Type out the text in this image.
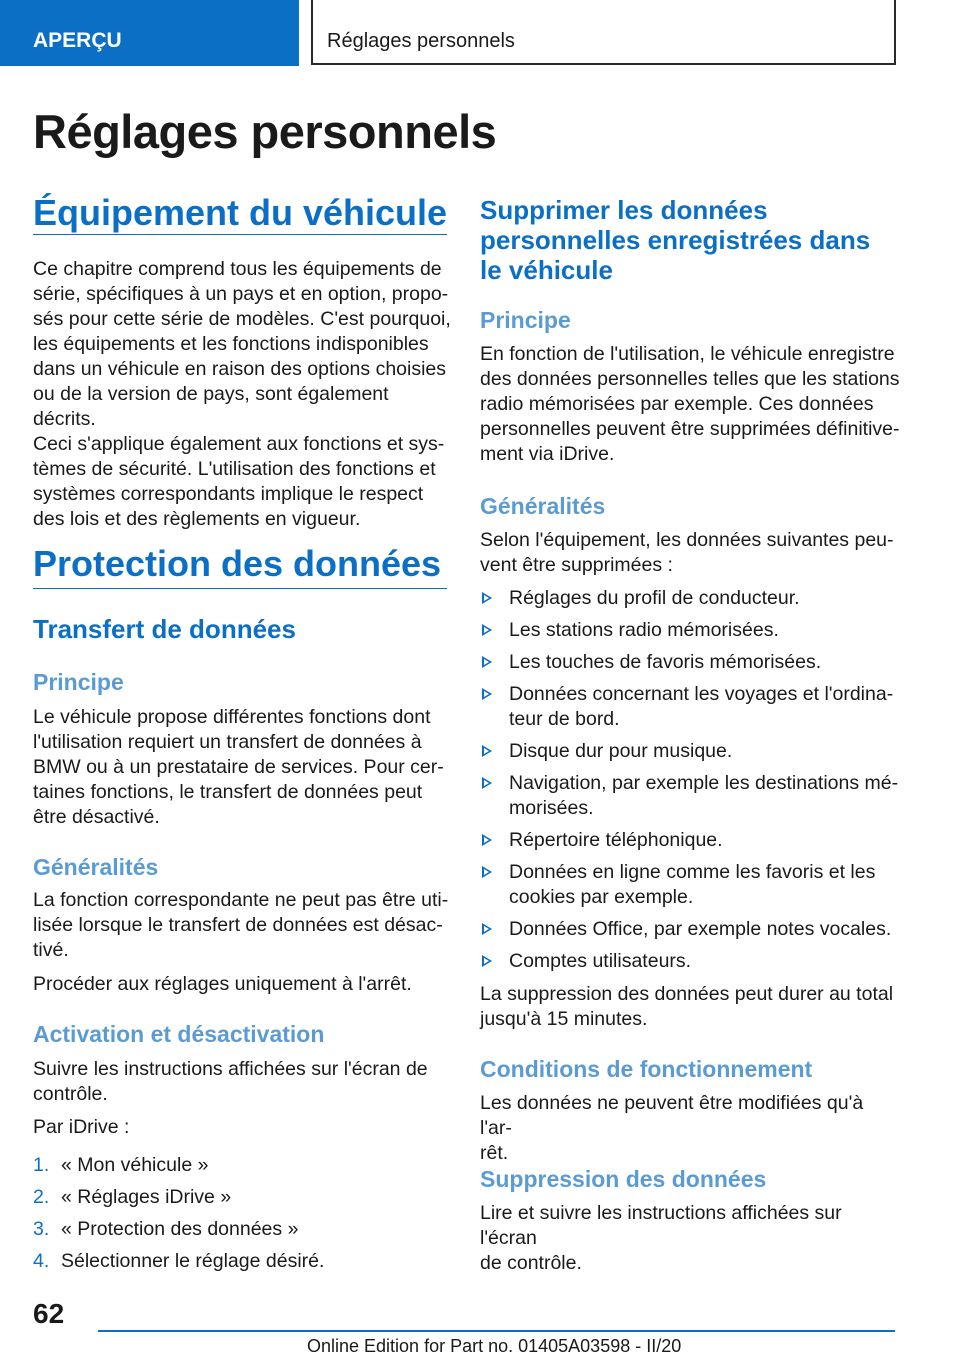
APERÇU	Réglages personnels
Réglages personnels
Équipement du véhicule
Ce chapitre comprend tous les équipements de
série, spécifiques à un pays et en option, propo‐
sés pour cette série de modèles. C'est pourquoi,
les équipements et les fonctions indisponibles
dans un véhicule en raison des options choisies
ou de la version de pays, sont également décrits.
Ceci s'applique également aux fonctions et sys‐
tèmes de sécurité. L'utilisation des fonctions et
systèmes correspondants implique le respect
des lois et des règlements en vigueur.
Protection des données
Transfert de données
Principe
Le véhicule propose différentes fonctions dont
l'utilisation requiert un transfert de données à
BMW ou à un prestataire de services. Pour cer‐
taines fonctions, le transfert de données peut
être désactivé.
Généralités
La fonction correspondante ne peut pas être uti‐
lisée lorsque le transfert de données est désac‐
tivé.
Procéder aux réglages uniquement à l'arrêt.
Activation et désactivation
Suivre les instructions affichées sur l'écran de
contrôle.
Par iDrive :
1. « Mon véhicule »
2. « Réglages iDrive »
3. « Protection des données »
4. Sélectionner le réglage désiré.
Supprimer les données
personnelles enregistrées dans
le véhicule
Principe
En fonction de l'utilisation, le véhicule enregistre
des données personnelles telles que les stations
radio mémorisées par exemple. Ces données
personnelles peuvent être supprimées définitive‐
ment via iDrive.
Généralités
Selon l'équipement, les données suivantes peu‐
vent être supprimées :
Réglages du profil de conducteur.
Les stations radio mémorisées.
Les touches de favoris mémorisées.
Données concernant les voyages et l'ordina‐
teur de bord.
Disque dur pour musique.
Navigation, par exemple les destinations mé‐
morisées.
Répertoire téléphonique.
Données en ligne comme les favoris et les
cookies par exemple.
Données Office, par exemple notes vocales.
Comptes utilisateurs.
La suppression des données peut durer au total
jusqu'à 15 minutes.
Conditions de fonctionnement
Les données ne peuvent être modifiées qu'à l'ar‐
rêt.
Suppression des données
Lire et suivre les instructions affichées sur l'écran
de contrôle.
62
Online Edition for Part no. 01405A03598 - II/20
